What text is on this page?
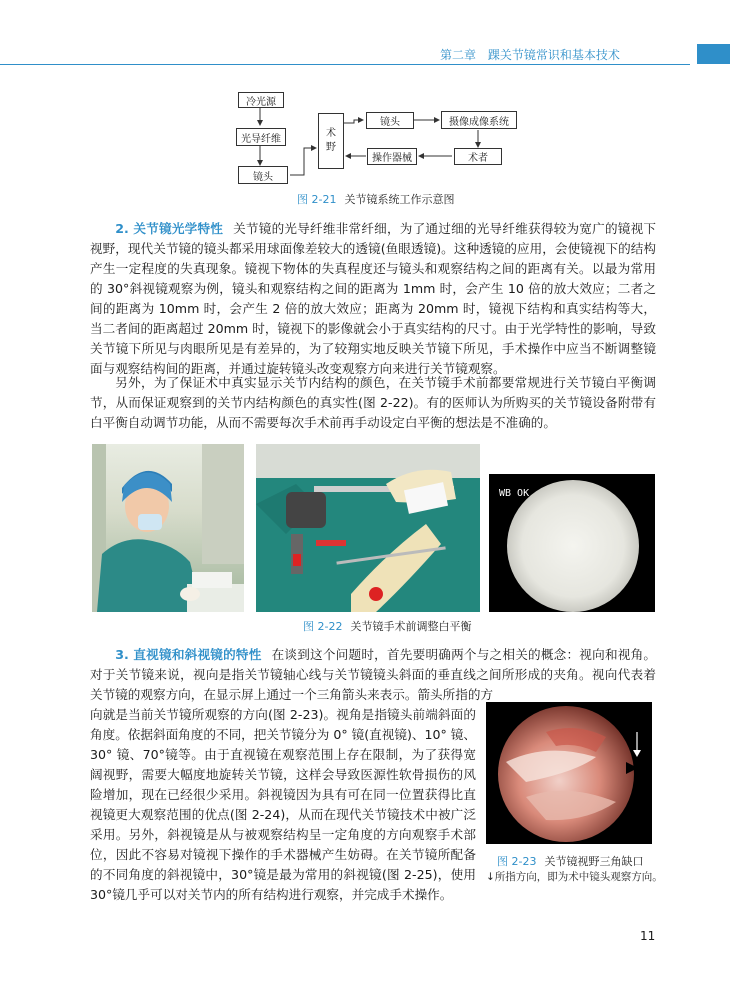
第二章 踝关节镜常识和基本技术
冷光源
光导纤维
镜头
术
野
镜头	摄像成像系统
操作器械	术者
图 2-21 关节镜系统工作示意图
2. 关节镜光学特性 关节镜的光导纤维非常纤细，为了通过细的光导纤维获得较为宽广的镜视下视野，现代关节镜的镜头都采用球面像差较大的透镜(鱼眼透镜)。这种透镜的应用，会使镜视下的结构产生一定程度的失真现象。镜视下物体的失真程度还与镜头和观察结构之间的距离有关。以最为常用的 30°斜视镜观察为例，镜头和观察结构之间的距离为 1mm 时，会产生 10 倍的放大效应；二者之间的距离为 10mm 时，会产生 2 倍的放大效应；距离为 20mm 时，镜视下结构和真实结构等大，当二者间的距离超过 20mm 时，镜视下的影像就会小于真实结构的尺寸。由于光学特性的影响，导致关节镜下所见与肉眼所见是有差异的，为了较翔实地反映关节镜下所见，手术操作中应当不断调整镜面与观察结构间的距离，并通过旋转镜头改变观察方向来进行关节镜观察。
另外，为了保证术中真实显示关节内结构的颜色，在关节镜手术前都要常规进行关节镜白平衡调节，从而保证观察到的关节内结构颜色的真实性(图 2-22)。有的医师认为所购买的关节镜设备附带有白平衡自动调节功能，从而不需要每次手术前再手动设定白平衡的想法是不准确的。
WB OK
图 2-22 关节镜手术前调整白平衡
3. 直视镜和斜视镜的特性 在谈到这个问题时，首先要明确两个与之相关的概念：视向和视角。对于关节镜来说，视向是指关节镜轴心线与关节镜镜头斜面的垂直线之间所形成的夹角。视向代表着关节镜的观察方向，在显示屏上通过一个三角箭头来表示。箭头所指的方
向就是当前关节镜所观察的方向(图 2-23)。视角是指镜头前端斜面的角度。依据斜面角度的不同，把关节镜分为 0° 镜(直视镜)、10° 镜、30° 镜、70°镜等。由于直视镜在观察范围上存在限制，为了获得宽阔视野，需要大幅度地旋转关节镜，这样会导致医源性软骨损伤的风险增加，现在已经很少采用。斜视镜因为具有可在同一位置获得比直视镜更大观察范围的优点(图 2-24)，从而在现代关节镜技术中被广泛采用。另外，斜视镜是从与被观察结构呈一定角度的方向观察手术部位，因此不容易对镜视下操作的手术器械产生妨碍。在关节镜所配备的不同角度的斜视镜中，30°镜是最为常用的斜视镜(图 2-25)，使用 30°镜几乎可以对关节内的所有结构进行观察，并完成手术操作。
图 2-23 关节镜视野三角缺口
↓所指方向，即为术中镜头观察方向。
11
